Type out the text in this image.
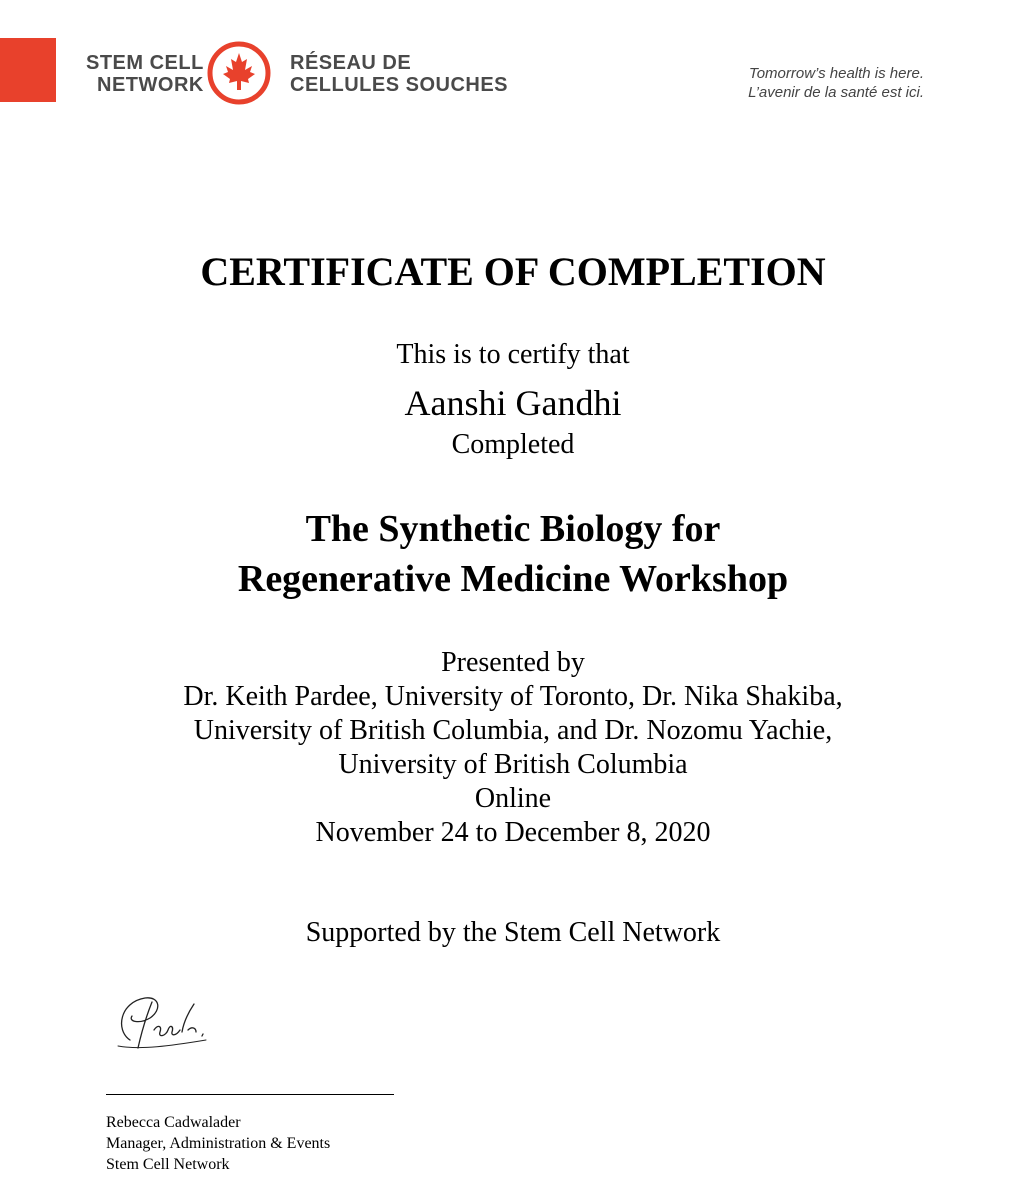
STEM CELL
NETWORK
RÉSEAU DE
CELLULES SOUCHES
Tomorrow’s health is here.
L’avenir de la santé est ici.
CERTIFICATE OF COMPLETION
This is to certify that
Aanshi Gandhi
Completed
The Synthetic Biology for
Regenerative Medicine Workshop
Presented by
Dr. Keith Pardee, University of Toronto, Dr. Nika Shakiba,
University of British Columbia, and Dr. Nozomu Yachie,
University of British Columbia
Online
November 24 to December 8, 2020
Supported by the Stem Cell Network
Rebecca Cadwalader
Manager, Administration & Events
Stem Cell Network
